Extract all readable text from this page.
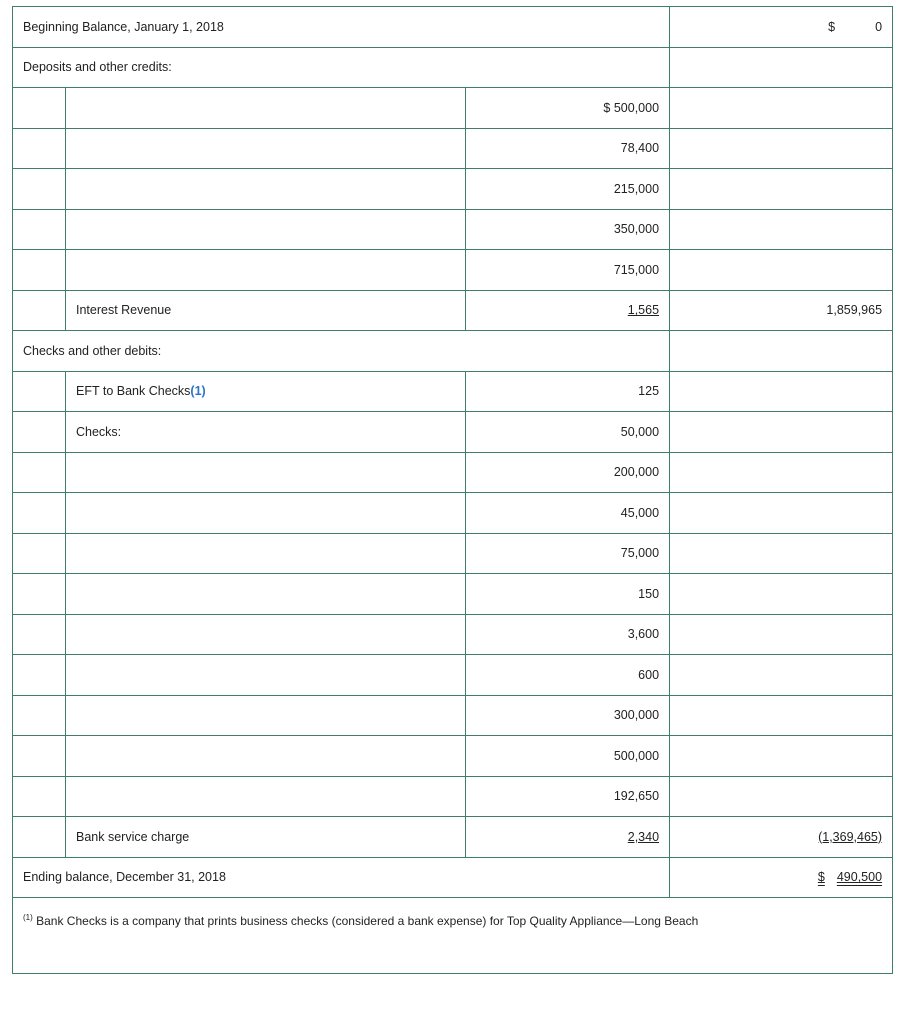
Beginning Balance, January 1, 2018			$ 0
Deposits and other credits:			
		$ 500,000	
		78,400	
		215,000	
		350,000	
		715,000	
	Interest Revenue	1,565	1,859,965
Checks and other debits:			
	EFT to Bank Checks(1)	125	
	Checks:	50,000	
		200,000	
		45,000	
		75,000	
		150	
		3,600	
		600	
		300,000	
		500,000	
		192,650	
	Bank service charge	2,340	(1,369,465)
Ending balance, December 31, 2018			$ 490,500
$^{(1)}$ Bank Checks is a company that prints business checks (considered a bank expense) for Top Quality Appliance—Long Beach			
